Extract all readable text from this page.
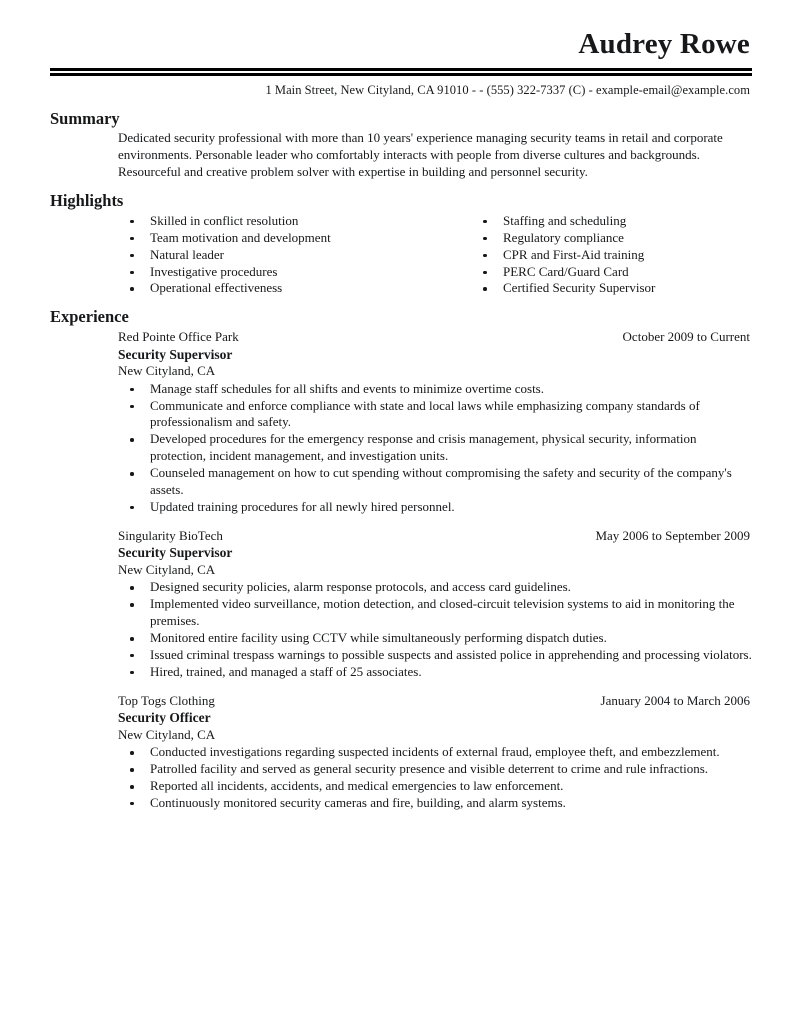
Audrey Rowe
1 Main Street, New Cityland, CA 91010 - - (555) 322-7337 (C) - example-email@example.com
Summary
Dedicated security professional with more than 10 years' experience managing security teams in retail and corporate environments. Personable leader who comfortably interacts with people from diverse cultures and backgrounds. Resourceful and creative problem solver with expertise in building and personnel security.
Highlights
Skilled in conflict resolution
Team motivation and development
Natural leader
Investigative procedures
Operational effectiveness
Staffing and scheduling
Regulatory compliance
CPR and First-Aid training
PERC Card/Guard Card
Certified Security Supervisor
Experience
Red Pointe Office Park	October 2009 to Current
Security Supervisor
New Cityland, CA
Manage staff schedules for all shifts and events to minimize overtime costs.
Communicate and enforce compliance with state and local laws while emphasizing company standards of professionalism and safety.
Developed procedures for the emergency response and crisis management, physical security, information protection, incident management, and investigation units.
Counseled management on how to cut spending without compromising the safety and security of the company's assets.
Updated training procedures for all newly hired personnel.
Singularity BioTech	May 2006 to September 2009
Security Supervisor
New Cityland, CA
Designed security policies, alarm response protocols, and access card guidelines.
Implemented video surveillance, motion detection, and closed-circuit television systems to aid in monitoring the premises.
Monitored entire facility using CCTV while simultaneously performing dispatch duties.
Issued criminal trespass warnings to possible suspects and assisted police in apprehending and processing violators.
Hired, trained, and managed a staff of 25 associates.
Top Togs Clothing	January 2004 to March 2006
Security Officer
New Cityland, CA
Conducted investigations regarding suspected incidents of external fraud, employee theft, and embezzlement.
Patrolled facility and served as general security presence and visible deterrent to crime and rule infractions.
Reported all incidents, accidents, and medical emergencies to law enforcement.
Continuously monitored security cameras and fire, building, and alarm systems.
